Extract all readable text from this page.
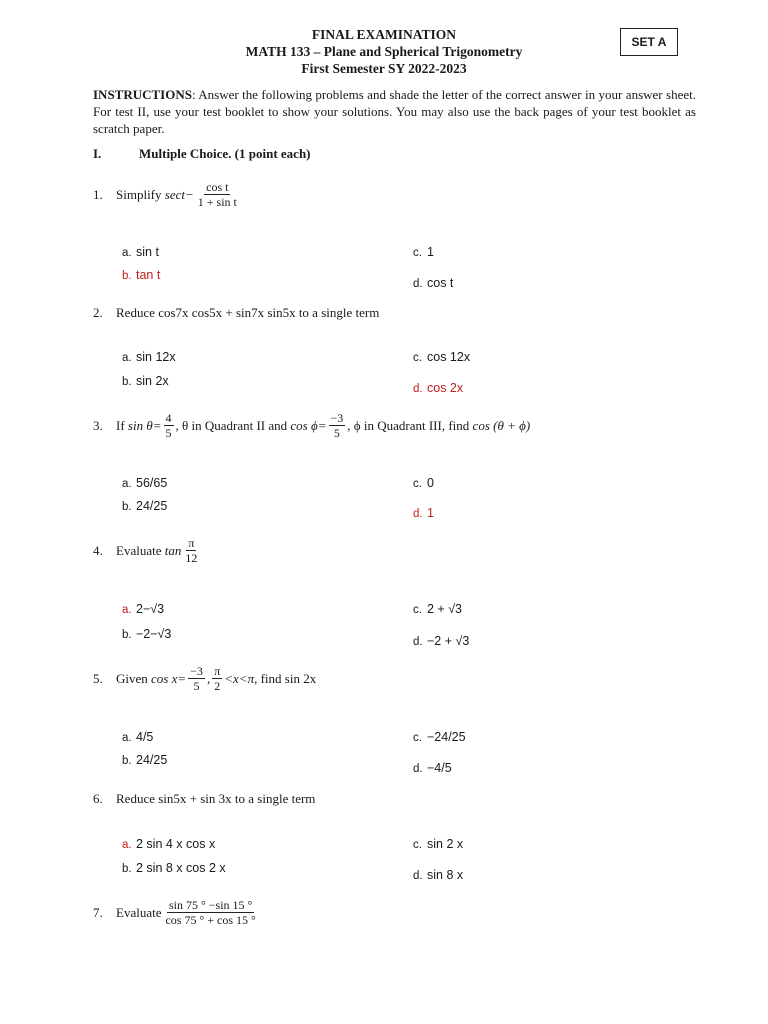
FINAL EXAMINATION
MATH 133 – Plane and Spherical Trigonometry
First Semester SY 2022-2023
SET A
INSTRUCTIONS: Answer the following problems and shade the letter of the correct answer in your answer sheet. For test II, use your test booklet to show your solutions. You may also use the back pages of your test booklet as scratch paper.
I.	Multiple Choice. (1 point each)
1.	Simplify
$\sec t- \frac{\text{cos t}}{\text{1 + sin t}}$
a. sin t
b. tan t
c. 1
d. cos t
2.	Reduce cos7x cos5x + sin7x sin5x to a single term
a. sin 12x
b. sin 2x
c. cos 12x
d. cos 2x
3.	If
$\sin \theta= \frac{4}{5}$ , θ in Quadrant II and
$\cos \phi= \frac{-3}{5}$ , ϕ in Quadrant III, find
cos (θ + ϕ)
a. 56/65
b. 24/25
c. 0
d. 1
4.	Evaluate
$\tan \frac{\pi}{12}$
a. 2−√3
b. −2−√3
c. 2 + √3
d. −2 + √3
5.	Given
$\cos x= \frac{-3}{5}$ , $\frac{\pi}{2} <x<\pi$ , find sin 2x
a. 4/5
b. 24/25
c. −24/25
d. −4/5
6.	Reduce sin5x + sin 3x to a single term
a. 2 sin 4 x cos x
b. 2 sin 8 x cos 2 x
c. sin 2 x
d. sin 8 x
7.	Evaluate $\frac{\sin 75 ^\circ -\sin 15 ^\circ}{\cos 75 ^\circ + \cos 15 ^\circ}$
